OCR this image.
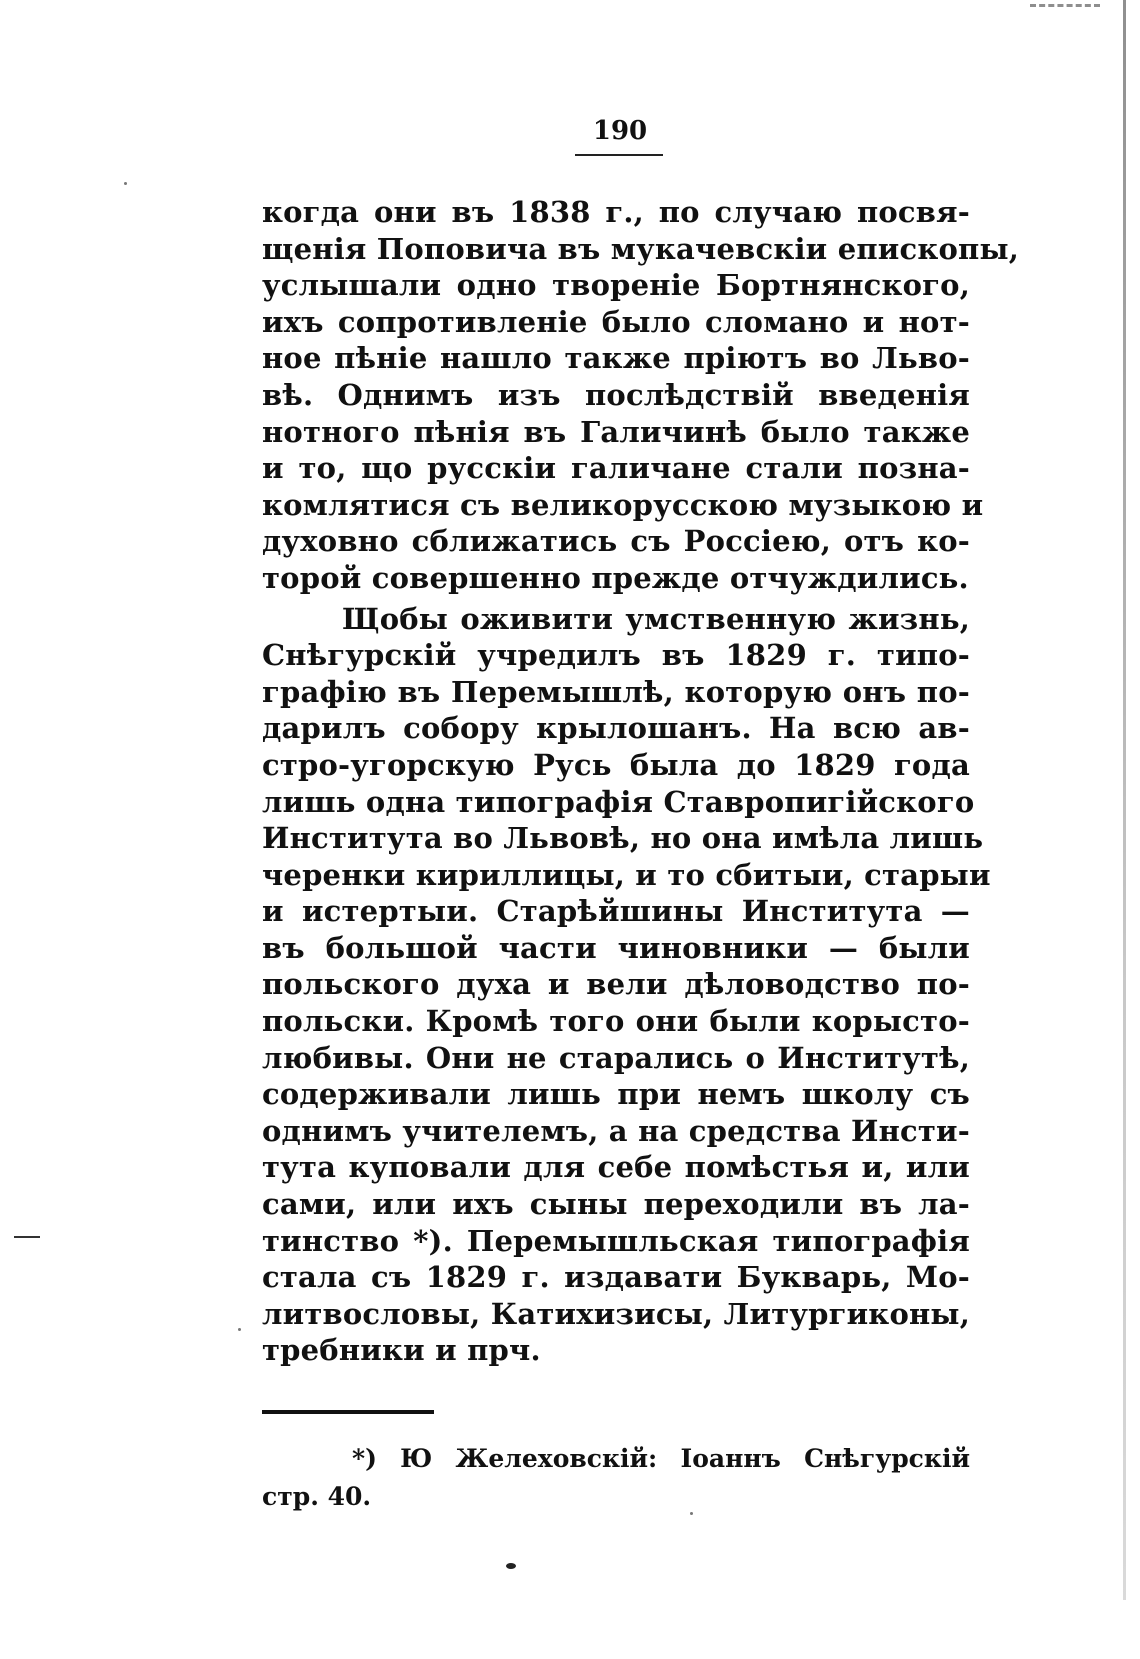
190
когда они въ 1838 г., по случаю посвя-
щенія Поповича въ мукачевскіи епископы,
услышали одно твореніе Бортнянского,
ихъ сопротивленіе было сломано и нот-
ное пѣніе нашло также пріютъ во Льво-
вѣ. Однимъ изъ послѣдствій введенія
нотного пѣнія въ Галичинѣ было также
и то, що русскіи галичане стали позна-
комлятися съ великорусскою музыкою и
духовно сближатись съ Россіею, отъ ко-
торой совершенно прежде отчуждились.
Щобы оживити умственную жизнь,
Снѣгурскій учредилъ въ 1829 г. типо-
графію въ Перемышлѣ, которую онъ по-
дарилъ собору крылошанъ. На всю ав-
стро-угорскую Русь была до 1829 года
лишь одна типографія Ставропигійского
Института во Львовѣ, но она имѣла лишь
черенки кириллицы, и то сбитыи, старыи
и истертыи. Старѣйшины Института —
въ большой части чиновники — были
польского духа и вели дѣловодство по-
польски. Кромѣ того они были корысто-
любивы. Они не старались о Институтѣ,
содерживали лишь при немъ школу съ
однимъ учителемъ, а на средства Инсти-
тута куповали для себе помѣстья и, или
сами, или ихъ сыны переходили въ ла-
тинство *). Перемышльская типографія
стала съ 1829 г. издавати Букварь, Мо-
литвословы, Катихизисы, Литургиконы,
требники и прч.
*) Ю Желеховскій: Іоаннъ Снѣгурскій
стр. 40.
